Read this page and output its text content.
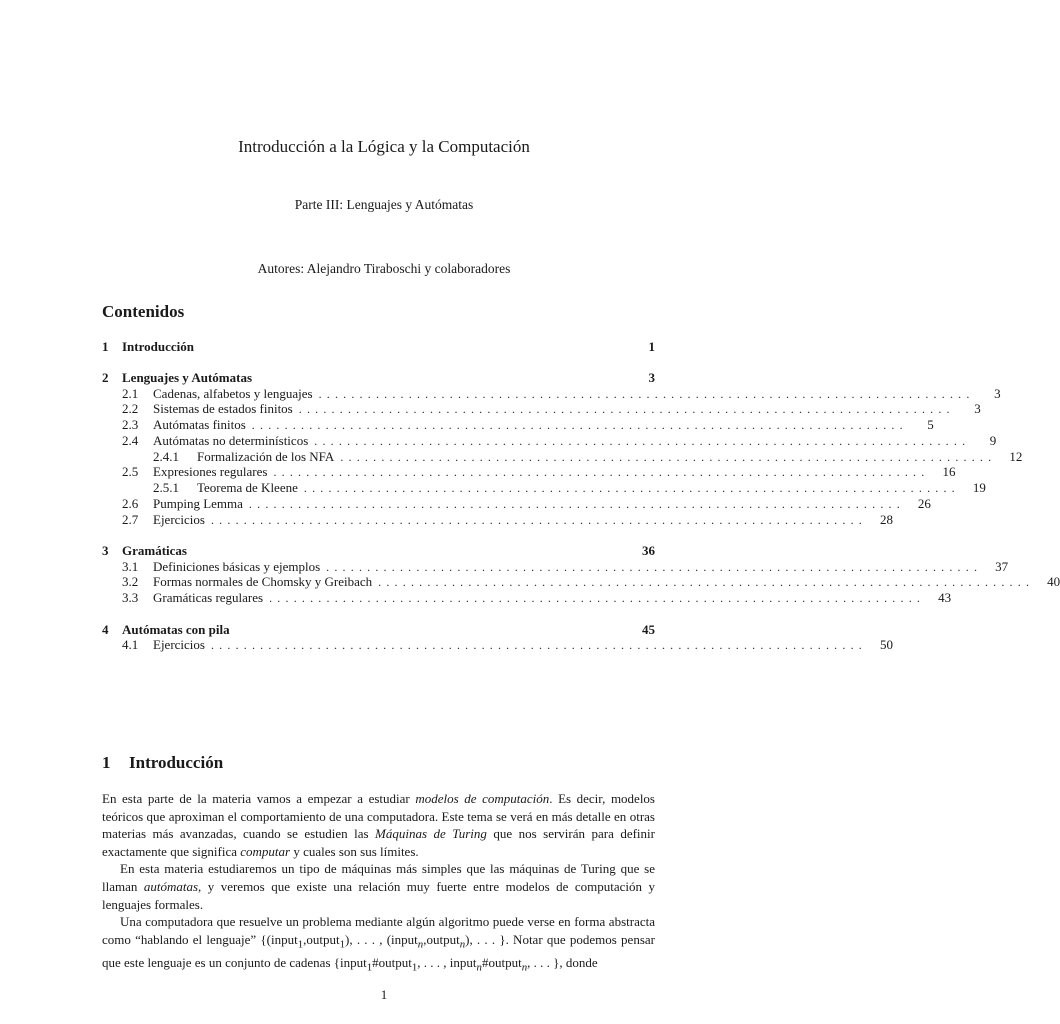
Introducción a la Lógica y la Computación
Parte III: Lenguajes y Autómatas
Autores: Alejandro Tiraboschi y colaboradores
Contenidos
1	Introducción	1
2	Lenguajes y Autómatas	3
2.1	Cadenas, alfabetos y lenguajes ................................................................................	3
2.2	Sistemas de estados finitos ................................................................................	3
2.3	Autómatas finitos ................................................................................	5
2.4	Autómatas no determinísticos ................................................................................	9
2.4.1	Formalización de los NFA ................................................................................	12
2.5	Expresiones regulares ................................................................................	16
2.5.1	Teorema de Kleene ................................................................................	19
2.6	Pumping Lemma ................................................................................	26
2.7	Ejercicios ................................................................................	28
3	Gramáticas	36
3.1	Definiciones básicas y ejemplos ................................................................................	37
3.2	Formas normales de Chomsky y Greibach ................................................................................	40
3.3	Gramáticas regulares ................................................................................	43
4	Autómatas con pila	45
4.1	Ejercicios ................................................................................	50
1 Introducción

En esta parte de la materia vamos a empezar a estudiar modelos de computación. Es decir, modelos teóricos que aproximan el comportamiento de una computadora. Este tema se verá en más detalle en otras materias más avanzadas, cuando se estudien las Máquinas de Turing que nos servirán para definir exactamente que significa computar y cuales son sus límites.

En esta materia estudiaremos un tipo de máquinas más simples que las máquinas de Turing que se llaman autómatas, y veremos que existe una relación muy fuerte entre modelos de computación y lenguajes formales.

Una computadora que resuelve un problema mediante algún algoritmo puede verse en forma abstracta como “hablando el lenguaje” {(input$_1$,output$_1$), . . . , (input$_n$,output$_n$), . . . }. Notar que podemos pensar que este lenguaje es un conjunto de cadenas {input$_1$#output$_1$, . . . , input$_n$#output$_n$, . . . }, donde

1
